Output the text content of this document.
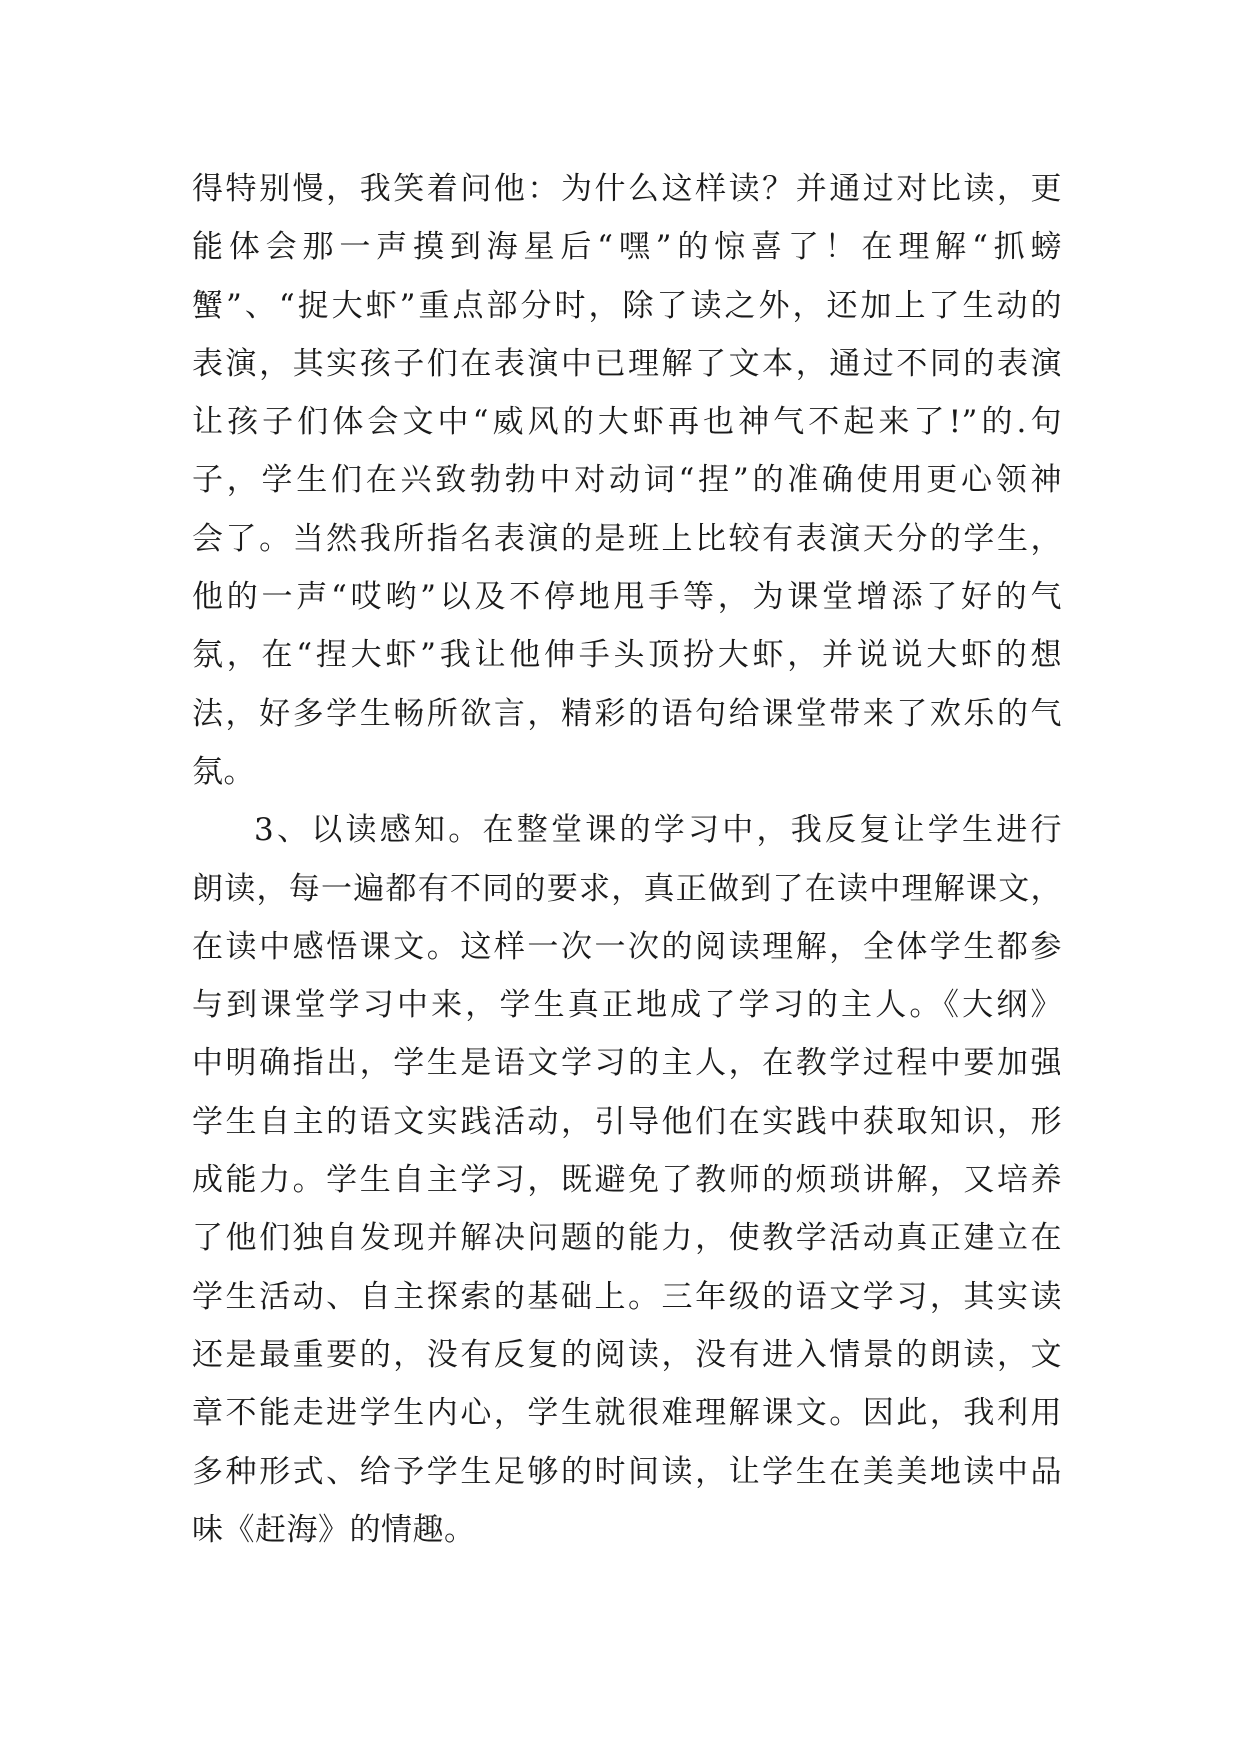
得特别慢，我笑着问他：为什么这样读？并通过对比读，更
能体会那一声摸到海星后“嘿”的惊喜了！在理解“抓螃
蟹”、“捉大虾”重点部分时，除了读之外，还加上了生动的
表演，其实孩子们在表演中已理解了文本，通过不同的表演
让孩子们体会文中“威风的大虾再也神气不起来了!”的.句
子，学生们在兴致勃勃中对动词“捏”的准确使用更心领神
会了。当然我所指名表演的是班上比较有表演天分的学生，
他的一声“哎哟”以及不停地甩手等，为课堂增添了好的气
氛，在“捏大虾”我让他伸手头顶扮大虾，并说说大虾的想
法，好多学生畅所欲言，精彩的语句给课堂带来了欢乐的气
氛。
3、以读感知。在整堂课的学习中，我反复让学生进行
朗读，每一遍都有不同的要求，真正做到了在读中理解课文，
在读中感悟课文。这样一次一次的阅读理解，全体学生都参
与到课堂学习中来，学生真正地成了学习的主人。《大纲》
中明确指出，学生是语文学习的主人，在教学过程中要加强
学生自主的语文实践活动，引导他们在实践中获取知识，形
成能力。学生自主学习，既避免了教师的烦琐讲解，又培养
了他们独自发现并解决问题的能力，使教学活动真正建立在
学生活动、自主探索的基础上。三年级的语文学习，其实读
还是最重要的，没有反复的阅读，没有进入情景的朗读，文
章不能走进学生内心，学生就很难理解课文。因此，我利用
多种形式、给予学生足够的时间读，让学生在美美地读中品
味《赶海》的情趣。
